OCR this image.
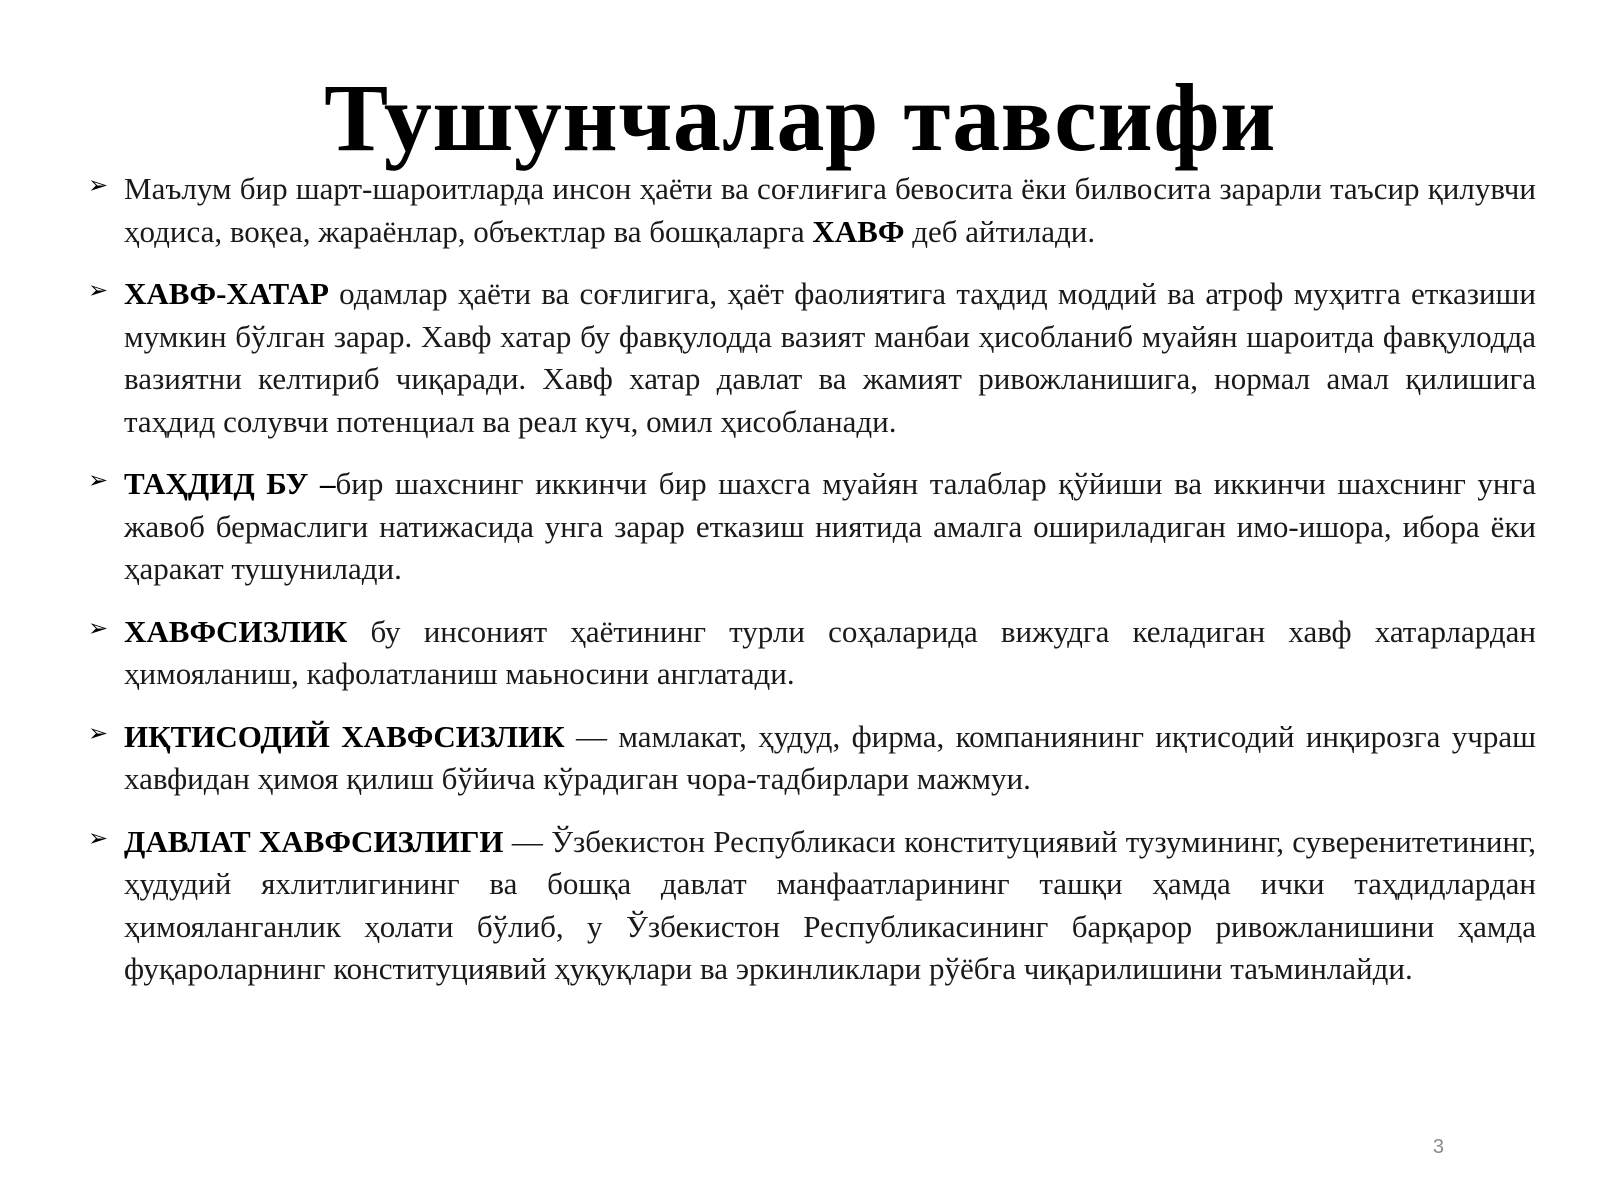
Тушунчалар тавсифи
➢ Маълум бир шарт-шароитларда инсон ҳаёти ва соғлиғига бевосита ёки билвосита зарарли таъсир қилувчи ҳодиса, воқеа, жараёнлар, объектлар ва бошқаларга ХАВФ деб айтилади.
➢ ХАВФ-ХАТАР одамлар ҳаёти ва соғлигига, ҳаёт фаолиятига таҳдид моддий ва атроф муҳитга етказиши мумкин бўлган зарар. Хавф хатар бу фавқулодда вазият манбаи ҳисобланиб муайян шароитда фавқулодда вазиятни келтириб чиқаради. Хавф хатар давлат ва жамият ривожланишига, нормал амал қилишига таҳдид солувчи потенциал ва реал куч, омил ҳисобланади.
➢ ТАҲДИД БУ –бир шахснинг иккинчи бир шахсга муайян талаблар қўйиши ва иккинчи шахснинг унга жавоб бермаслиги натижасида унга зарар етказиш ниятида амалга ошириладиган имо-ишора, ибора ёки ҳаракат тушунилади.
➢ ХАВФСИЗЛИК бу инсоният ҳаётининг турли соҳаларида вижудга келадиган хавф хатарлардан ҳимояланиш, кафолатланиш маьносини англатади.
➢ ИҚТИСОДИЙ ХАВФСИЗЛИК — мамлакат, ҳудуд, фирма, компаниянинг иқтисодий инқирозга учраш хавфидан ҳимоя қилиш бўйича кўрадиган чора-тадбирлари мажмуи.
➢ ДАВЛАТ ХАВФСИЗЛИГИ — Ўзбекистон Республикаси конституциявий тузумининг, суверенитетининг, ҳудудий яхлитлигининг ва бошқа давлат манфаатларининг ташқи ҳамда ички таҳдидлардан ҳимояланганлик ҳолати бўлиб, у Ўзбекистон Республикасининг барқарор ривожланишини ҳамда фуқароларнинг конституциявий ҳуқуқлари ва эркинликлари рўёбга чиқарилишини таъминлайди.
3
